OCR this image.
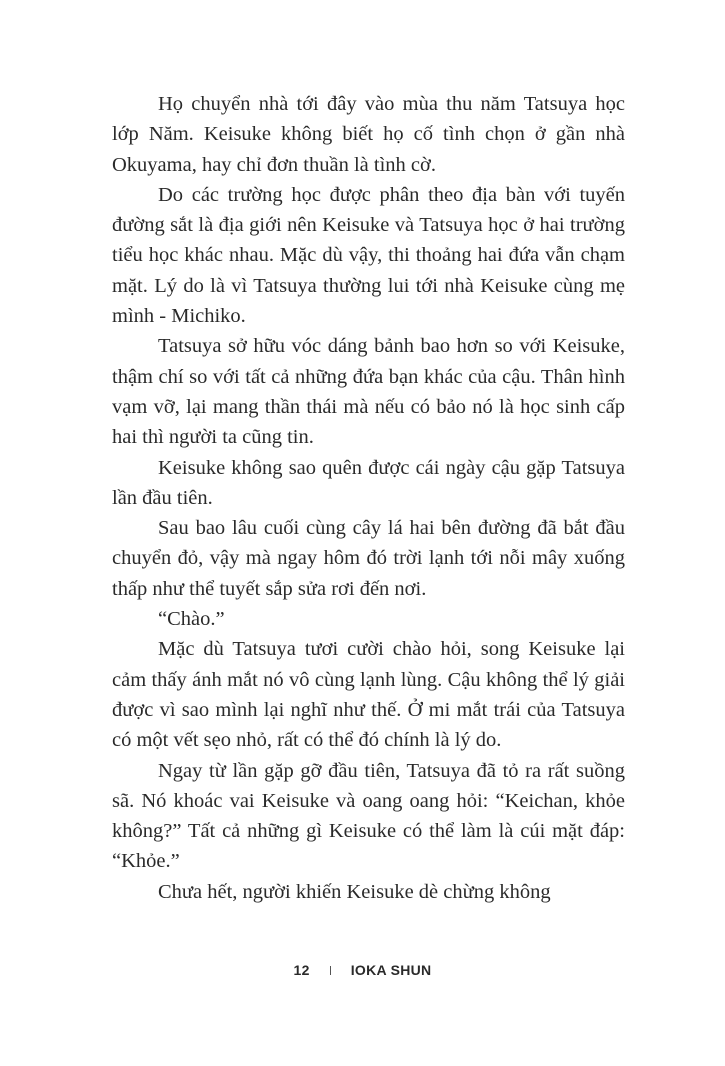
Họ chuyển nhà tới đây vào mùa thu năm Tatsuya học lớp Năm. Keisuke không biết họ cố tình chọn ở gần nhà Okuyama, hay chỉ đơn thuần là tình cờ.

Do các trường học được phân theo địa bàn với tuyến đường sắt là địa giới nên Keisuke và Tatsuya học ở hai trường tiểu học khác nhau. Mặc dù vậy, thi thoảng hai đứa vẫn chạm mặt. Lý do là vì Tatsuya thường lui tới nhà Keisuke cùng mẹ mình - Michiko.

Tatsuya sở hữu vóc dáng bảnh bao hơn so với Keisuke, thậm chí so với tất cả những đứa bạn khác của cậu. Thân hình vạm vỡ, lại mang thần thái mà nếu có bảo nó là học sinh cấp hai thì người ta cũng tin.

Keisuke không sao quên được cái ngày cậu gặp Tatsuya lần đầu tiên.

Sau bao lâu cuối cùng cây lá hai bên đường đã bắt đầu chuyển đỏ, vậy mà ngay hôm đó trời lạnh tới nỗi mây xuống thấp như thể tuyết sắp sửa rơi đến nơi.

“Chào.”

Mặc dù Tatsuya tươi cười chào hỏi, song Keisuke lại cảm thấy ánh mắt nó vô cùng lạnh lùng. Cậu không thể lý giải được vì sao mình lại nghĩ như thế. Ở mi mắt trái của Tatsuya có một vết sẹo nhỏ, rất có thể đó chính là lý do.

Ngay từ lần gặp gỡ đầu tiên, Tatsuya đã tỏ ra rất suồng sã. Nó khoác vai Keisuke và oang oang hỏi: “Keichan, khỏe không?” Tất cả những gì Keisuke có thể làm là cúi mặt đáp: “Khỏe.”

Chưa hết, người khiến Keisuke dè chừng không

12	IOKA SHUN
